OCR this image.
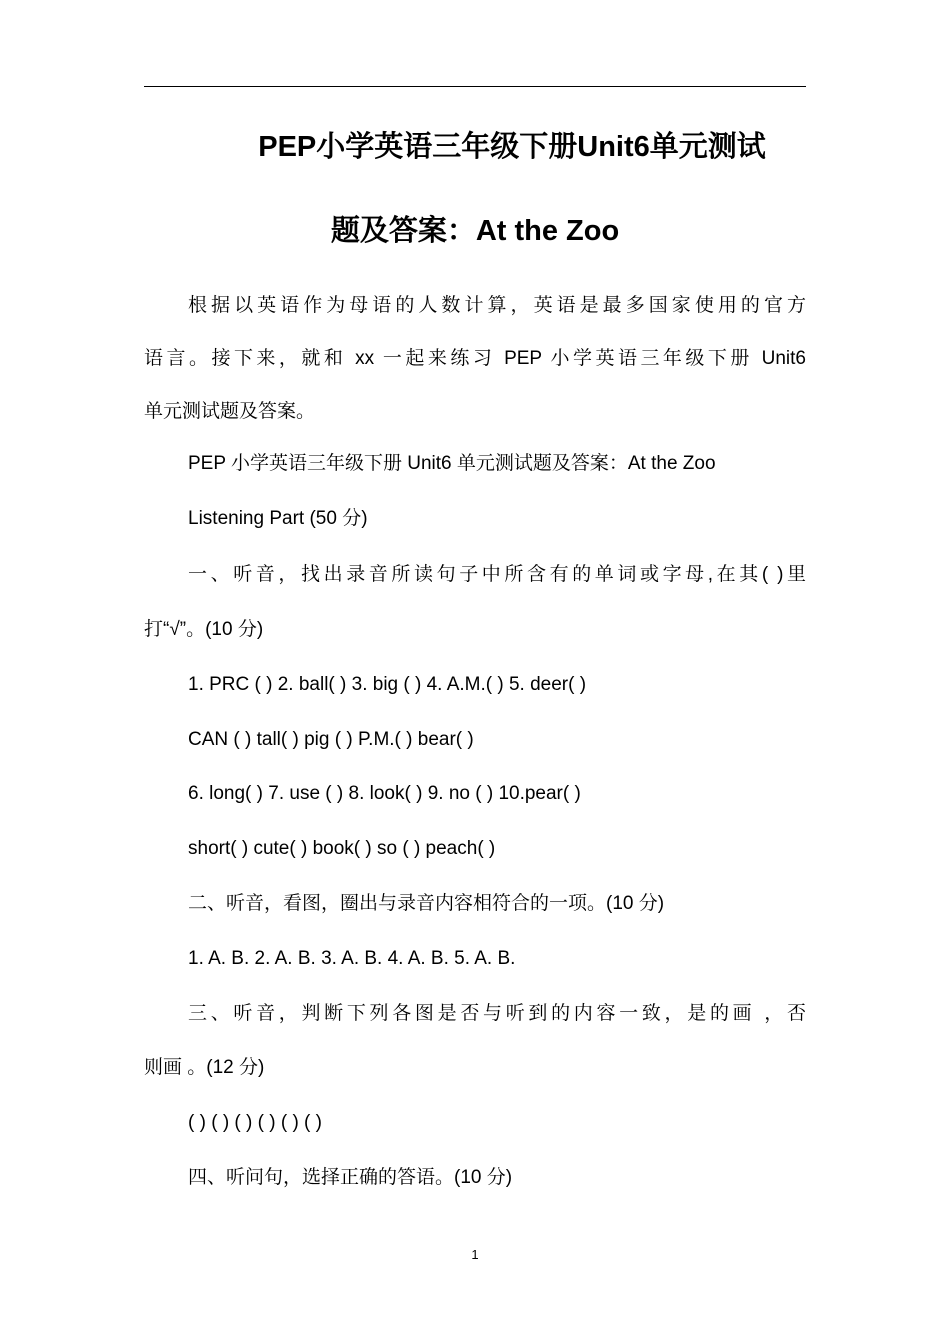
PEP小学英语三年级下册Unit6单元测试
题及答案：At the Zoo
根据以英语作为母语的人数计算，英语是最多国家使用的官方
语言。接下来，就和 xx 一起来练习 PEP 小学英语三年级下册 Unit6
单元测试题及答案。
PEP 小学英语三年级下册 Unit6 单元测试题及答案：At the Zoo
Listening Part (50 分)
一、听音，找出录音所读句子中所含有的单词或字母,在其( )里
打“√”。(10 分)
1. PRC ( ) 2. ball( ) 3. big ( ) 4. A.M.( ) 5. deer( )
CAN ( ) tall( ) pig ( ) P.M.( ) bear( )
6. long( ) 7. use ( ) 8. look( ) 9. no ( ) 10.pear( )
short( ) cute( ) book( ) so ( ) peach( )
二、听音，看图，圈出与录音内容相符合的一项。(10 分)
1. A. B. 2. A. B. 3. A. B. 4. A. B. 5. A. B.
三、听音，判断下列各图是否与听到的内容一致，是的画 ，否
则画 。(12 分)
( ) ( ) ( ) ( ) ( ) ( )
四、听问句，选择正确的答语。(10 分)
1
